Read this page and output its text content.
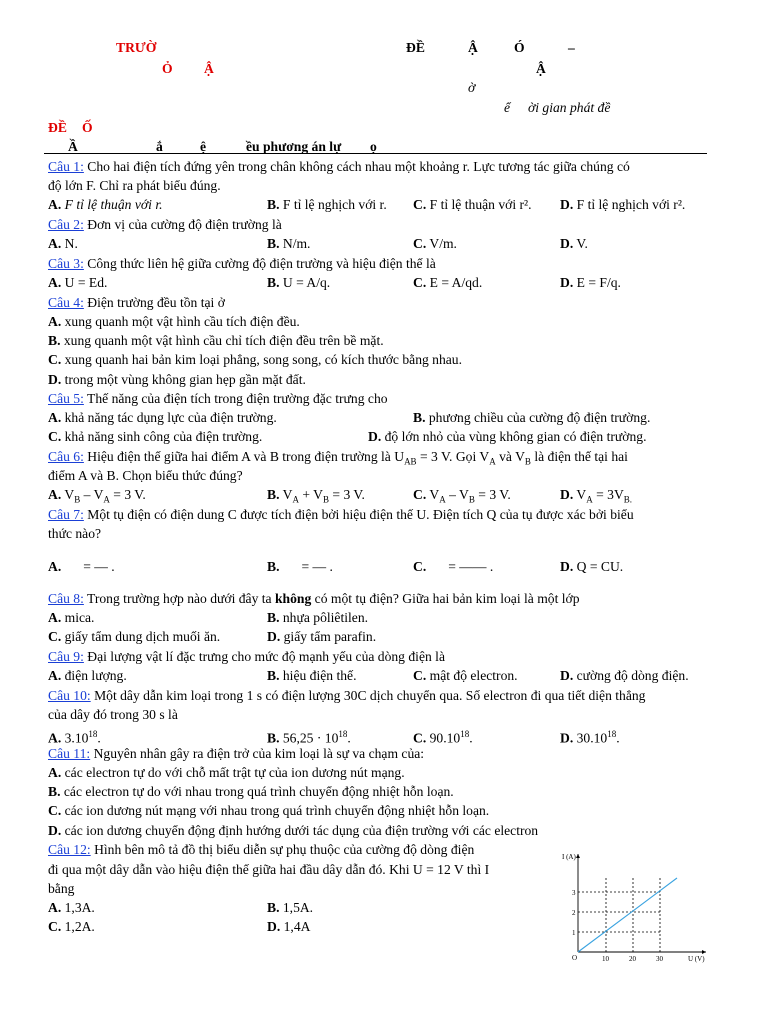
TRƯỜ	ĐỀ	Ậ	Ó	–
Ỏ Ậ	Ậ
ờ
ể ời gian phát đề
ĐỀ Ố
Ầ	ắ	ệ	ều phương án lự ọ
Câu 1: Cho hai điện tích đứng yên trong chân không cách nhau một khoảng r. Lực tương tác giữa chúng có
độ lớn F. Chỉ ra phát biểu đúng.
A. F tỉ lệ thuận với r.	B. F tỉ lệ nghịch với r. C. F tỉ lệ thuận với r². D. F tỉ lệ nghịch với r².
Câu 2: Đơn vị của cường độ điện trường là
A. N.	B. N/m.	C. V/m.	D. V.
Câu 3: Công thức liên hệ giữa cường độ điện trường và hiệu điện thế là
A. U = Ed.	B. U = A/q.	C. E = A/qd.	D. E = F/q.
Câu 4: Điện trường đều tồn tại ở
A. xung quanh một vật hình cầu tích điện đều.
B. xung quanh một vật hình cầu chỉ tích điện đều trên bề mặt.
C. xung quanh hai bản kim loại phẳng, song song, có kích thước bằng nhau.
D. trong một vùng không gian hẹp gần mặt đất.
Câu 5: Thế năng của điện tích trong điện trường đặc trưng cho
A. khả năng tác dụng lực của điện trường.	B. phương chiều của cường độ điện trường.
C. khả năng sinh công của điện trường.	D. độ lớn nhỏ của vùng không gian có điện trường.
Câu 6: Hiệu điện thế giữa hai điểm A và B trong điện trường là $U_{AB} = 3$ V. Gọi $V_A$ và $V_B$ là điện thế tại hai
điểm A và B. Chọn biểu thức đúng?
A. $V_B - V_A = 3$ V.	B. $V_A + V_B = 3$ V.	C. $V_A - V_B = 3$ V.	D. $V_A = 3V_{B.}$
Câu 7: Một tụ điện có điện dung C được tích điện bởi hiệu điện thế U. Điện tích Q của tụ được xác bởi biểu
thức nào?
A. = — .	B. = — .	C. = —— .	D. Q = CU.
Câu 8: Trong trường hợp nào dưới đây ta không có một tụ điện? Giữa hai bản kim loại là một lớp
A. mica.	B. nhựa pôliêtilen.
C. giấy tẩm dung dịch muối ăn.	D. giấy tẩm parafin.
Câu 9: Đại lượng vật lí đặc trưng cho mức độ mạnh yếu của dòng điện là
A. điện lượng.	B. hiệu điện thế.	C. mật độ electron.	D. cường độ dòng điện.
Câu 10: Một dây dẫn kim loại trong 1 s có điện lượng 30C dịch chuyển qua. Số electron đi qua tiết diện thẳng
của dây đó trong 30 s là
A. 3.10$^{18}$.	B. $56,25 \cdot 10^{18}$.	C. 90.10$^{18}$.	D. 30.10$^{18}$.
Câu 11: Nguyên nhân gây ra điện trở của kim loại là sự va chạm của:
A. các electron tự do với chỗ mất trật tự của ion dương nút mạng.
B. các electron tự do với nhau trong quá trình chuyển động nhiệt hỗn loạn.
C. các ion dương nút mạng với nhau trong quá trình chuyển động nhiệt hỗn loạn.
D. các ion dương chuyển động định hướng dưới tác dụng của điện trường với các electron
Câu 12: Hình bên mô tả đồ thị biểu diễn sự phụ thuộc của cường độ dòng điện
đi qua một dây dẫn vào hiệu điện thế giữa hai đầu dây dẫn đó. Khi U = 12 V thì I
bằng
A. 1,3A.	B. 1,5A.
C. 1,2A.	D. 1,4A
I (A)
U (V)
O	10	20	30
1
2
3
